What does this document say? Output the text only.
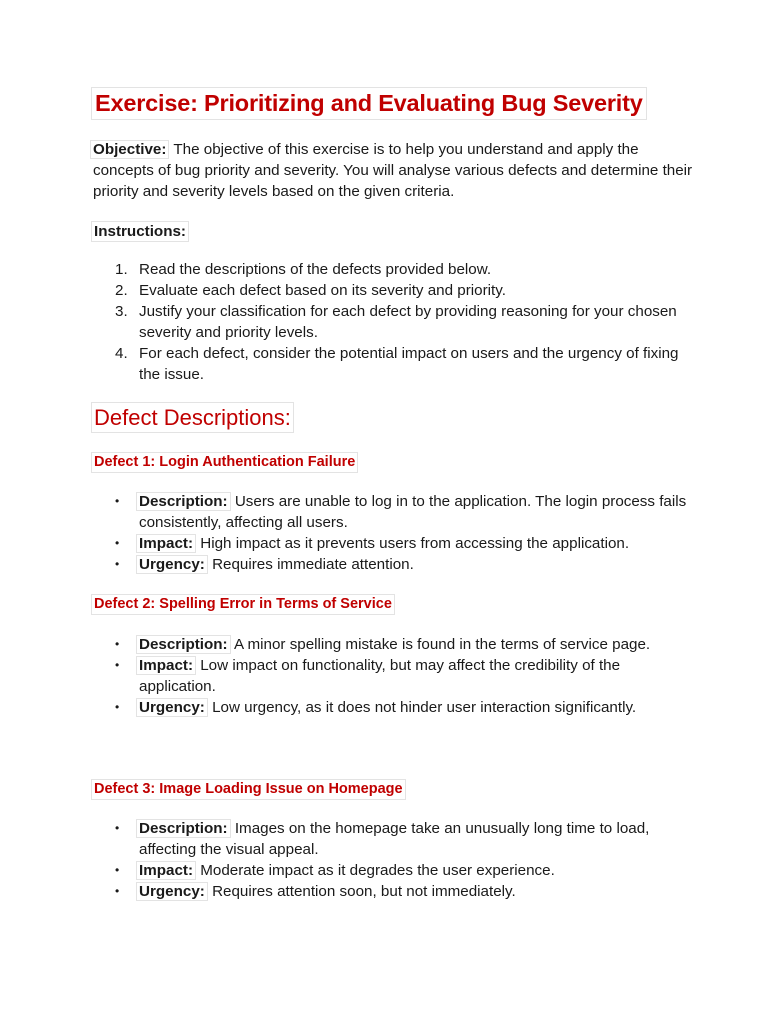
Exercise: Prioritizing and Evaluating Bug Severity
Objective: The objective of this exercise is to help you understand and apply the concepts of bug priority and severity. You will analyse various defects and determine their priority and severity levels based on the given criteria.
Instructions:
1. Read the descriptions of the defects provided below.
2. Evaluate each defect based on its severity and priority.
3. Justify your classification for each defect by providing reasoning for your chosen severity and priority levels.
4. For each defect, consider the potential impact on users and the urgency of fixing the issue.
Defect Descriptions:
Defect 1: Login Authentication Failure
• Description: Users are unable to log in to the application. The login process fails consistently, affecting all users.
• Impact: High impact as it prevents users from accessing the application.
• Urgency: Requires immediate attention.
Defect 2: Spelling Error in Terms of Service
• Description: A minor spelling mistake is found in the terms of service page.
• Impact: Low impact on functionality, but may affect the credibility of the application.
• Urgency: Low urgency, as it does not hinder user interaction significantly.
Defect 3: Image Loading Issue on Homepage
• Description: Images on the homepage take an unusually long time to load, affecting the visual appeal.
• Impact: Moderate impact as it degrades the user experience.
• Urgency: Requires attention soon, but not immediately.
